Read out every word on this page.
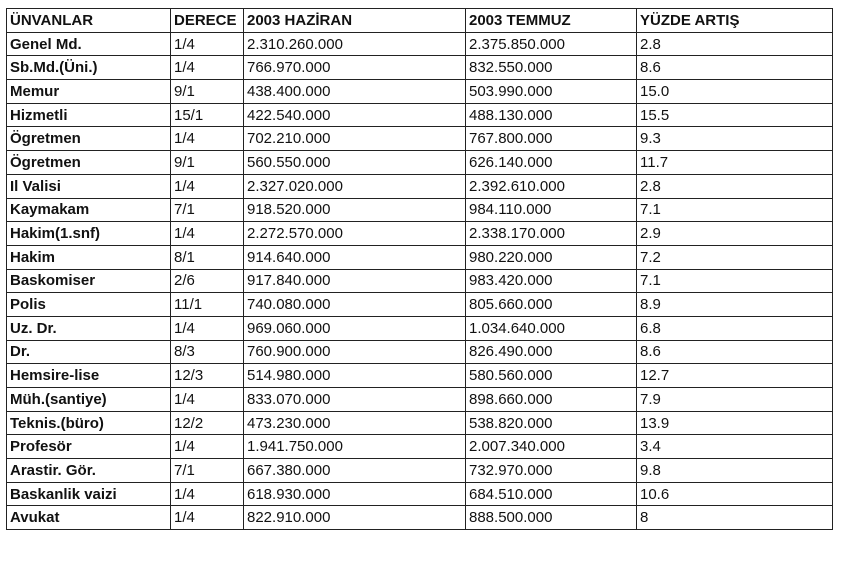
ÜNVANLAR	DERECE	2003 HAZİRAN	2003 TEMMUZ	YÜZDE ARTIŞ
Genel Md.	1/4	2.310.260.000	2.375.850.000	2.8
Sb.Md.(Üni.)	1/4	766.970.000	832.550.000	8.6
Memur	9/1	438.400.000	503.990.000	15.0
Hizmetli	15/1	422.540.000	488.130.000	15.5
Ögretmen	1/4	702.210.000	767.800.000	9.3
Ögretmen	9/1	560.550.000	626.140.000	11.7
Il Valisi	1/4	2.327.020.000	2.392.610.000	2.8
Kaymakam	7/1	918.520.000	984.110.000	7.1
Hakim(1.snf)	1/4	2.272.570.000	2.338.170.000	2.9
Hakim	8/1	914.640.000	980.220.000	7.2
Baskomiser	2/6	917.840.000	983.420.000	7.1
Polis	11/1	740.080.000	805.660.000	8.9
Uz. Dr.	1/4	969.060.000	1.034.640.000	6.8
Dr.	8/3	760.900.000	826.490.000	8.6
Hemsire-lise	12/3	514.980.000	580.560.000	12.7
Müh.(santiye)	1/4	833.070.000	898.660.000	7.9
Teknis.(büro)	12/2	473.230.000	538.820.000	13.9
Profesör	1/4	1.941.750.000	2.007.340.000	3.4
Arastir. Gör.	7/1	667.380.000	732.970.000	9.8
Baskanlik vaizi	1/4	618.930.000	684.510.000	10.6
Avukat	1/4	822.910.000	888.500.000	8
